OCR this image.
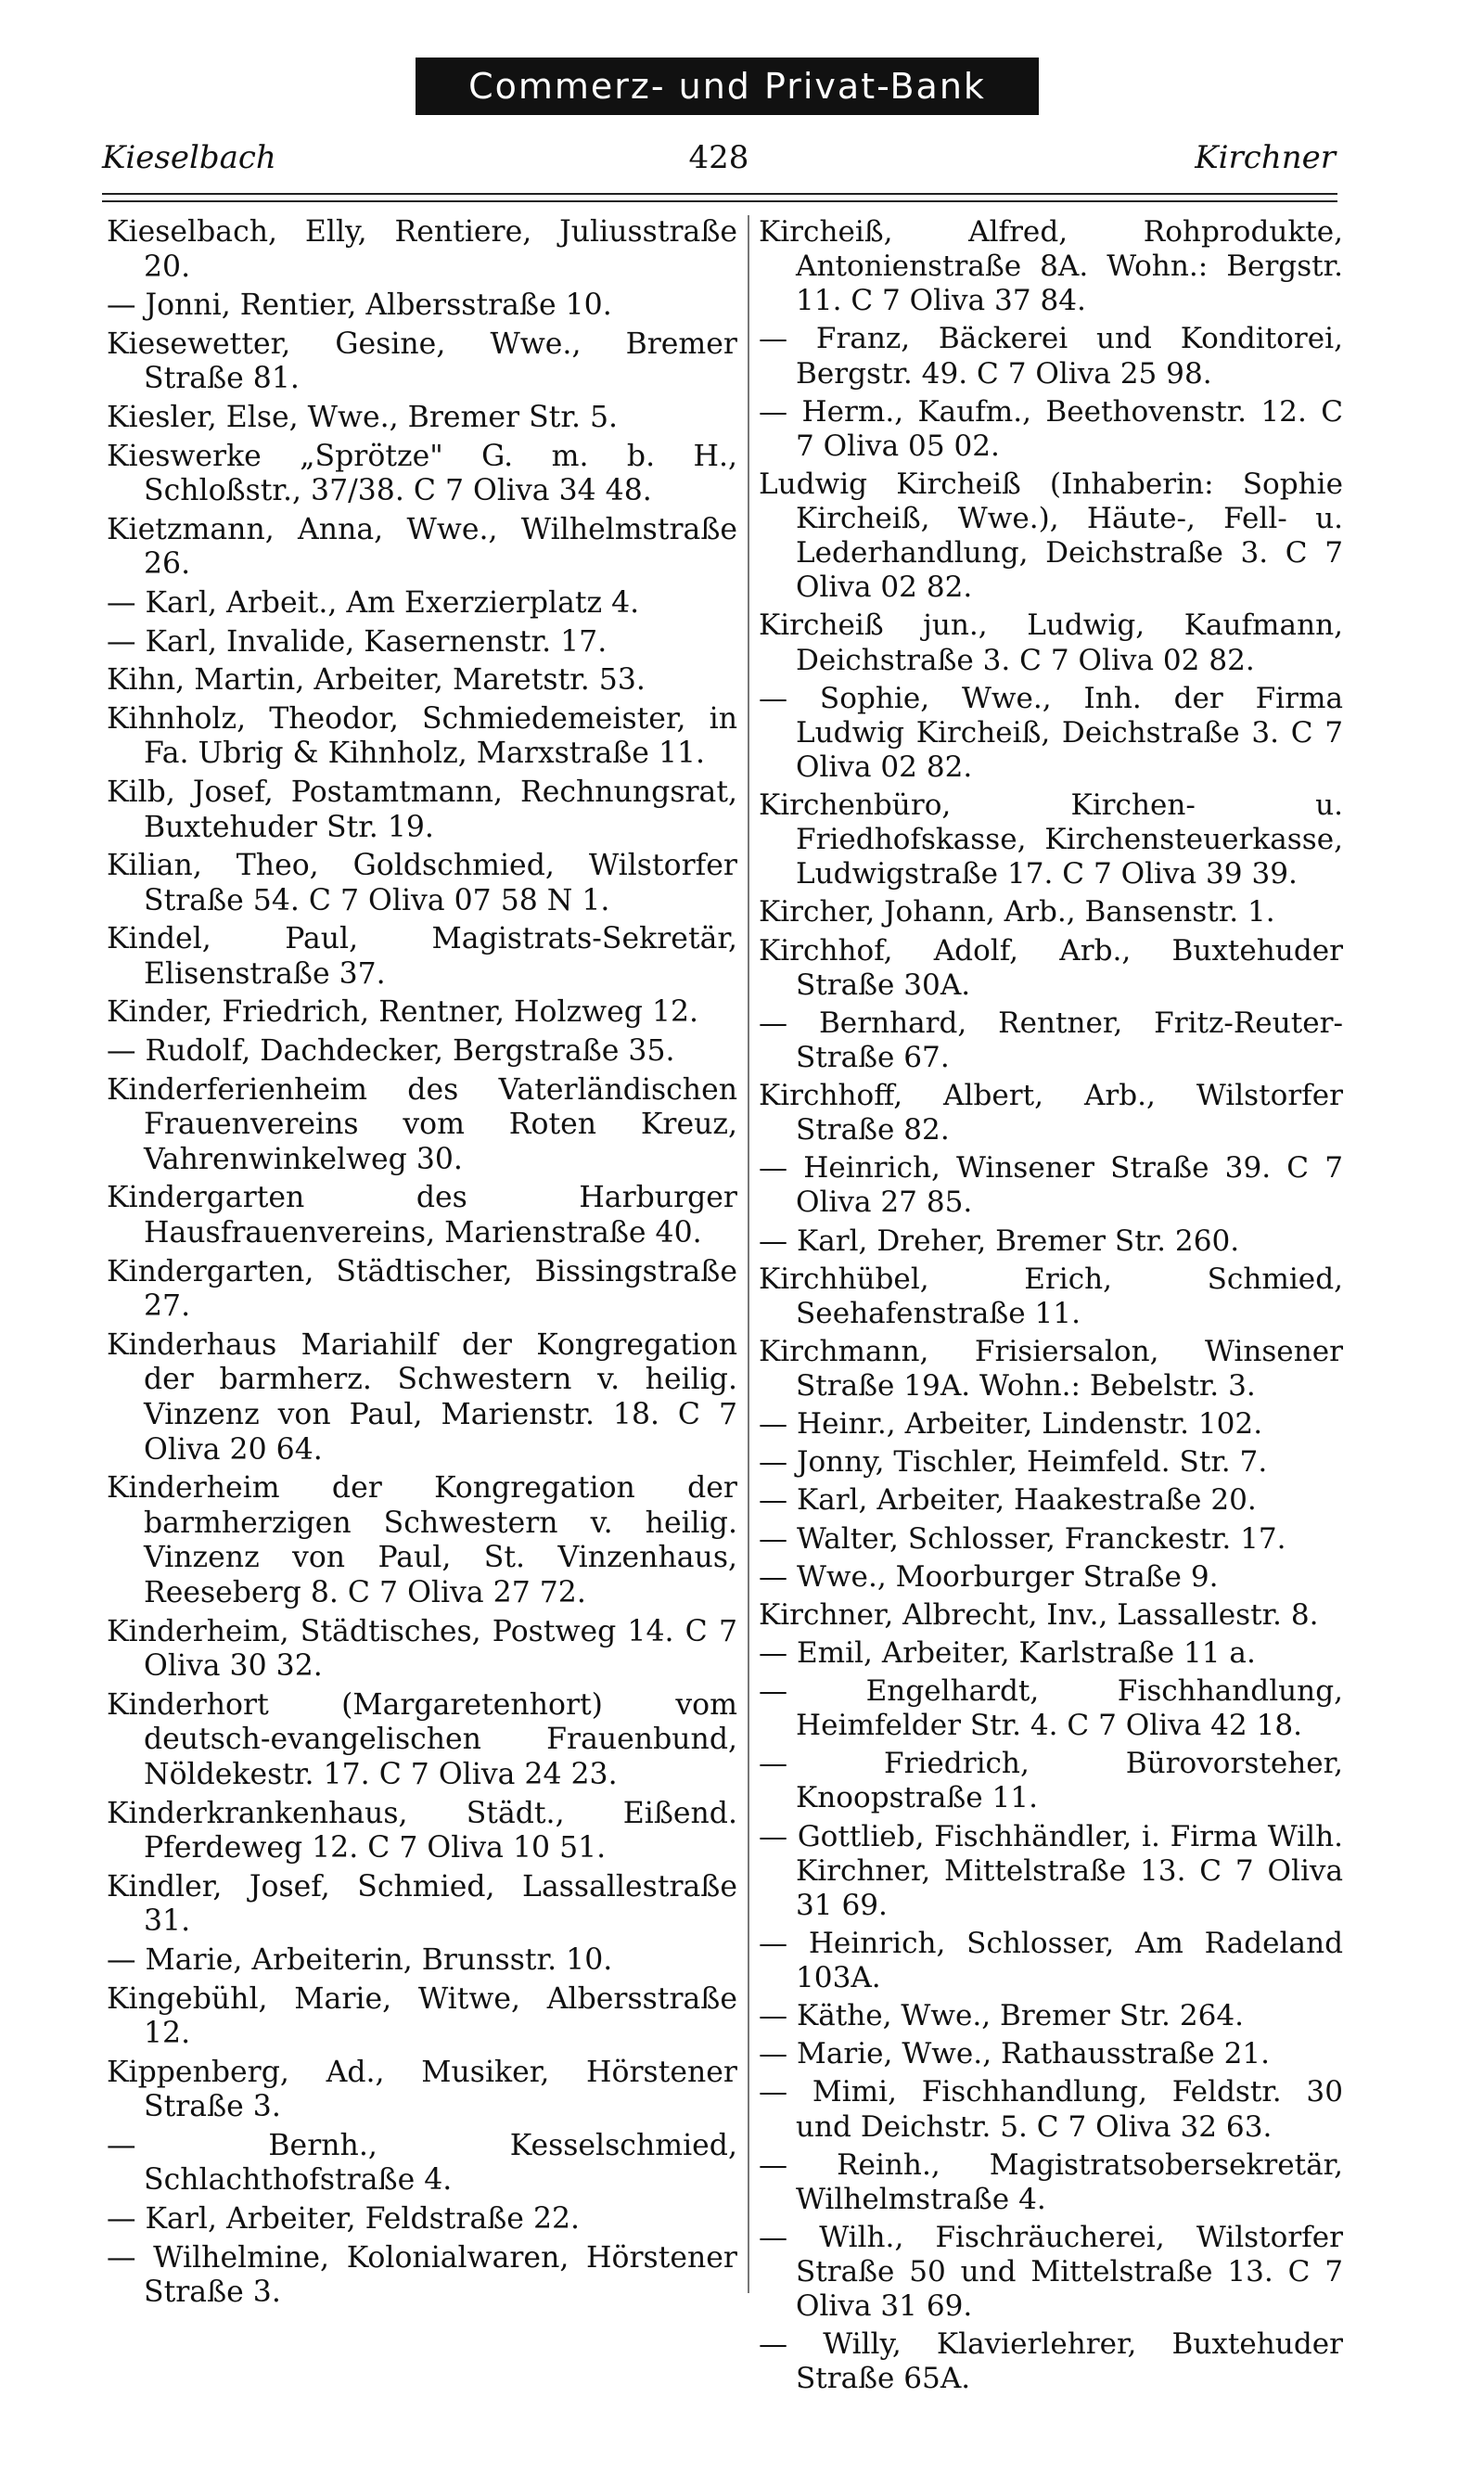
Commerz- und Privat-Bank
Kieselbach	428	Kirchner

Kieselbach, Elly, Rentiere, Juliusstraße 20.

— Jonni, Rentier, Albersstraße 10.

Kiesewetter, Gesine, Wwe., Bremer Straße 81.

Kiesler, Else, Wwe., Bremer Str. 5.

Kieswerke „Sprötze" G. m. b. H., Schloßstr., 37/38. C 7 Oliva 34 48.

Kietzmann, Anna, Wwe., Wilhelmstraße 26.

— Karl, Arbeit., Am Exerzierplatz 4.

— Karl, Invalide, Kasernenstr. 17.

Kihn, Martin, Arbeiter, Maretstr. 53.

Kihnholz, Theodor, Schmiedemeister, in Fa. Ubrig & Kihnholz, Marxstraße 11.

Kilb, Josef, Postamtmann, Rechnungsrat, Buxtehuder Str. 19.

Kilian, Theo, Goldschmied, Wilstorfer Straße 54. C 7 Oliva 07 58 N 1.

Kindel, Paul, Magistrats-Sekretär, Elisenstraße 37.

Kinder, Friedrich, Rentner, Holzweg 12.

— Rudolf, Dachdecker, Bergstraße 35.

Kinderferienheim des Vaterländischen Frauenvereins vom Roten Kreuz, Vahrenwinkelweg 30.

Kindergarten des Harburger Hausfrauenvereins, Marienstraße 40.

Kindergarten, Städtischer, Bissingstraße 27.

Kinderhaus Mariahilf der Kongregation der barmherz. Schwestern v. heilig. Vinzenz von Paul, Marienstr. 18. C 7 Oliva 20 64.

Kinderheim der Kongregation der barmherzigen Schwestern v. heilig. Vinzenz von Paul, St. Vinzenhaus, Reeseberg 8. C 7 Oliva 27 72.

Kinderheim, Städtisches, Postweg 14. C 7 Oliva 30 32.

Kinderhort (Margaretenhort) vom deutsch-evangelischen Frauenbund, Nöldekestr. 17. C 7 Oliva 24 23.

Kinderkrankenhaus, Städt., Eißend. Pferdeweg 12. C 7 Oliva 10 51.

Kindler, Josef, Schmied, Lassallestraße 31.

— Marie, Arbeiterin, Brunsstr. 10.

Kingebühl, Marie, Witwe, Albersstraße 12.

Kippenberg, Ad., Musiker, Hörstener Straße 3.

— Bernh., Kesselschmied, Schlachthofstraße 4.

— Karl, Arbeiter, Feldstraße 22.

— Wilhelmine, Kolonialwaren, Hörstener Straße 3.

Kircheiß, Alfred, Rohprodukte, Antonienstraße 8A. Wohn.: Bergstr. 11. C 7 Oliva 37 84.

— Franz, Bäckerei und Konditorei, Bergstr. 49. C 7 Oliva 25 98.

— Herm., Kaufm., Beethovenstr. 12. C 7 Oliva 05 02.

Ludwig Kircheiß (Inhaberin: Sophie Kircheiß, Wwe.), Häute-, Fell- u. Lederhandlung, Deichstraße 3. C 7 Oliva 02 82.

Kircheiß jun., Ludwig, Kaufmann, Deichstraße 3. C 7 Oliva 02 82.

— Sophie, Wwe., Inh. der Firma Ludwig Kircheiß, Deichstraße 3. C 7 Oliva 02 82.

Kirchenbüro, Kirchen- u. Friedhofskasse, Kirchensteuerkasse, Ludwigstraße 17. C 7 Oliva 39 39.

Kircher, Johann, Arb., Bansenstr. 1.

Kirchhof, Adolf, Arb., Buxtehuder Straße 30A.

— Bernhard, Rentner, Fritz-Reuter-Straße 67.

Kirchhoff, Albert, Arb., Wilstorfer Straße 82.

— Heinrich, Winsener Straße 39. C 7 Oliva 27 85.

— Karl, Dreher, Bremer Str. 260.

Kirchhübel, Erich, Schmied, Seehafenstraße 11.

Kirchmann, Frisiersalon, Winsener Straße 19A. Wohn.: Bebelstr. 3.

— Heinr., Arbeiter, Lindenstr. 102.

— Jonny, Tischler, Heimfeld. Str. 7.

— Karl, Arbeiter, Haakestraße 20.

— Walter, Schlosser, Franckestr. 17.

— Wwe., Moorburger Straße 9.

Kirchner, Albrecht, Inv., Lassallestr. 8.

— Emil, Arbeiter, Karlstraße 11 a.

— Engelhardt, Fischhandlung, Heimfelder Str. 4. C 7 Oliva 42 18.

— Friedrich, Bürovorsteher, Knoopstraße 11.

— Gottlieb, Fischhändler, i. Firma Wilh. Kirchner, Mittelstraße 13. C 7 Oliva 31 69.

— Heinrich, Schlosser, Am Radeland 103A.

— Käthe, Wwe., Bremer Str. 264.

— Marie, Wwe., Rathausstraße 21.

— Mimi, Fischhandlung, Feldstr. 30 und Deichstr. 5. C 7 Oliva 32 63.

— Reinh., Magistratsobersekretär, Wilhelmstraße 4.

— Wilh., Fischräucherei, Wilstorfer Straße 50 und Mittelstraße 13. C 7 Oliva 31 69.

— Willy, Klavierlehrer, Buxtehuder Straße 65A.
